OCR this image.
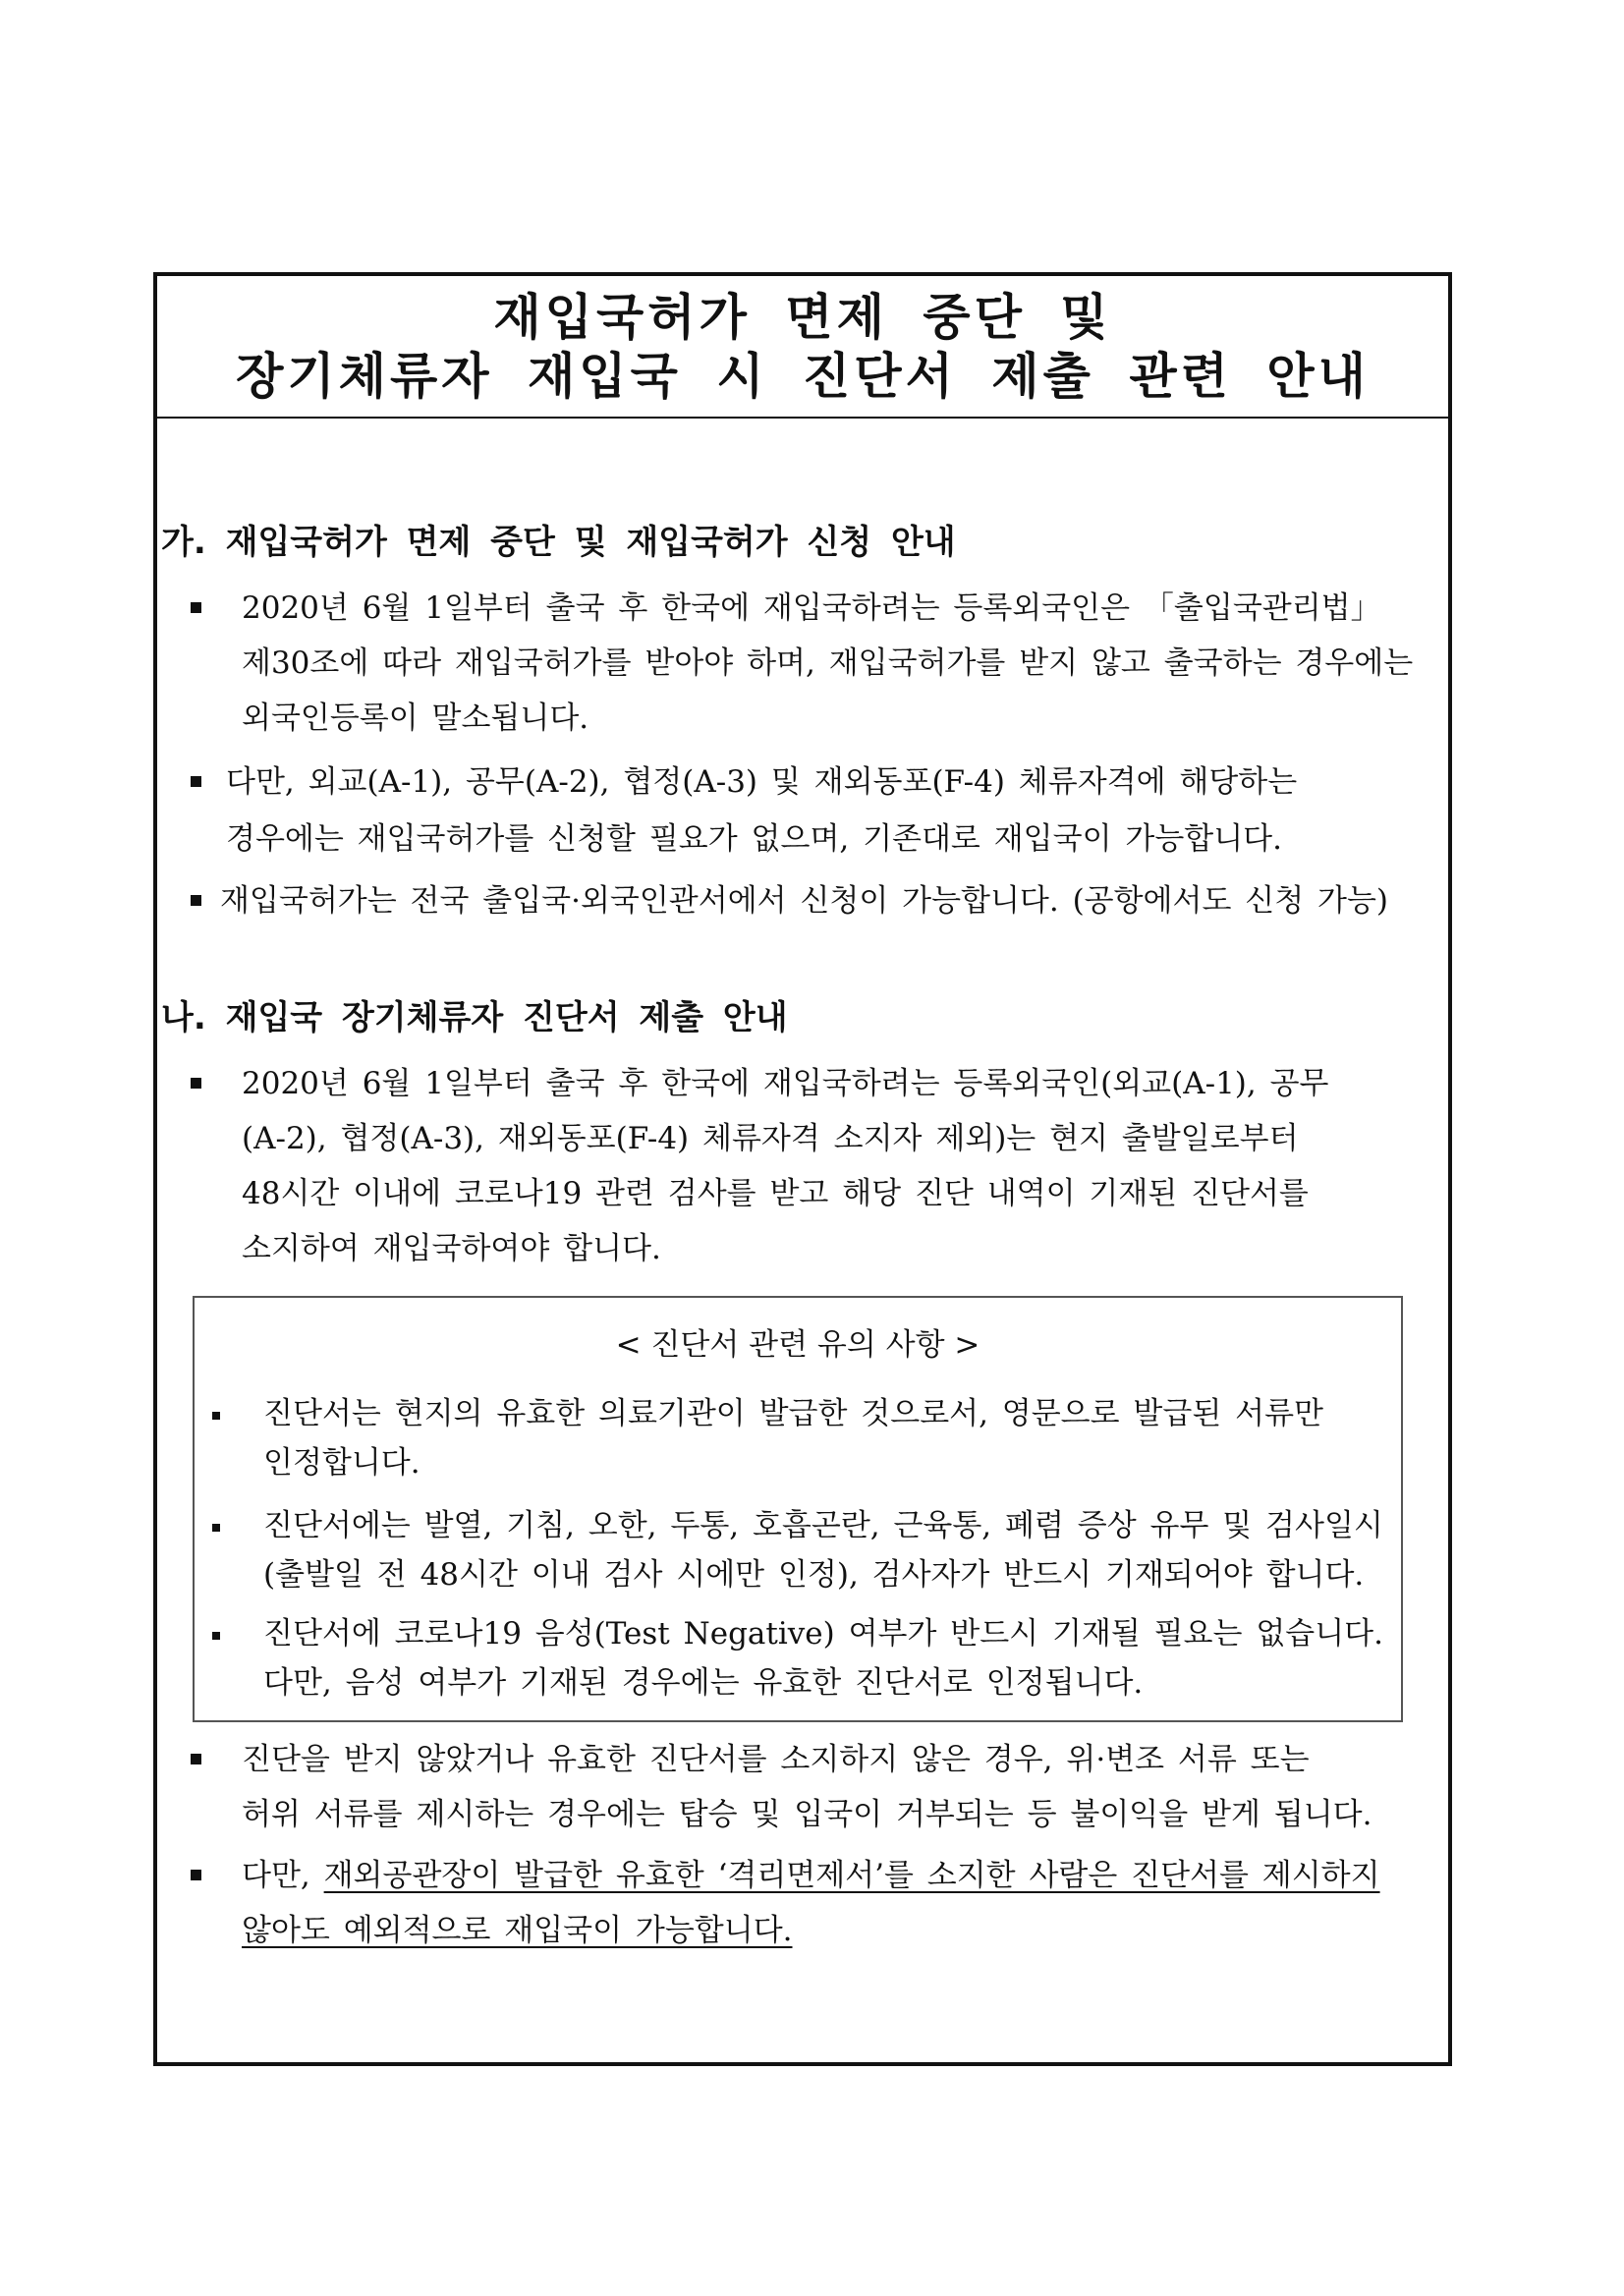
재입국허가 면제 중단 및
장기체류자 재입국 시 진단서 제출 관련 안내
가. 재입국허가 면제 중단 및 재입국허가 신청 안내
2020년 6월 1일부터 출국 후 한국에 재입국하려는 등록외국인은 「출입국관리법」
제30조에 따라 재입국허가를 받아야 하며, 재입국허가를 받지 않고 출국하는 경우에는
외국인등록이 말소됩니다.
다만, 외교(A-1), 공무(A-2), 협정(A-3) 및 재외동포(F-4) 체류자격에 해당하는
경우에는 재입국허가를 신청할 필요가 없으며, 기존대로 재입국이 가능합니다.
재입국허가는 전국 출입국·외국인관서에서 신청이 가능합니다. (공항에서도 신청 가능)
나. 재입국 장기체류자 진단서 제출 안내
2020년 6월 1일부터 출국 후 한국에 재입국하려는 등록외국인(외교(A-1), 공무
(A-2), 협정(A-3), 재외동포(F-4) 체류자격 소지자 제외)는 현지 출발일로부터
48시간 이내에 코로나19 관련 검사를 받고 해당 진단 내역이 기재된 진단서를
소지하여 재입국하여야 합니다.
< 진단서 관련 유의 사항 >
진단서는 현지의 유효한 의료기관이 발급한 것으로서, 영문으로 발급된 서류만
인정합니다.
진단서에는 발열, 기침, 오한, 두통, 호흡곤란, 근육통, 폐렴 증상 유무 및 검사일시
(출발일 전 48시간 이내 검사 시에만 인정), 검사자가 반드시 기재되어야 합니다.
진단서에 코로나19 음성(Test Negative) 여부가 반드시 기재될 필요는 없습니다.
다만, 음성 여부가 기재된 경우에는 유효한 진단서로 인정됩니다.
진단을 받지 않았거나 유효한 진단서를 소지하지 않은 경우, 위·변조 서류 또는
허위 서류를 제시하는 경우에는 탑승 및 입국이 거부되는 등 불이익을 받게 됩니다.
다만, 재외공관장이 발급한 유효한 ‘격리면제서’를 소지한 사람은 진단서를 제시하지
않아도 예외적으로 재입국이 가능합니다.
